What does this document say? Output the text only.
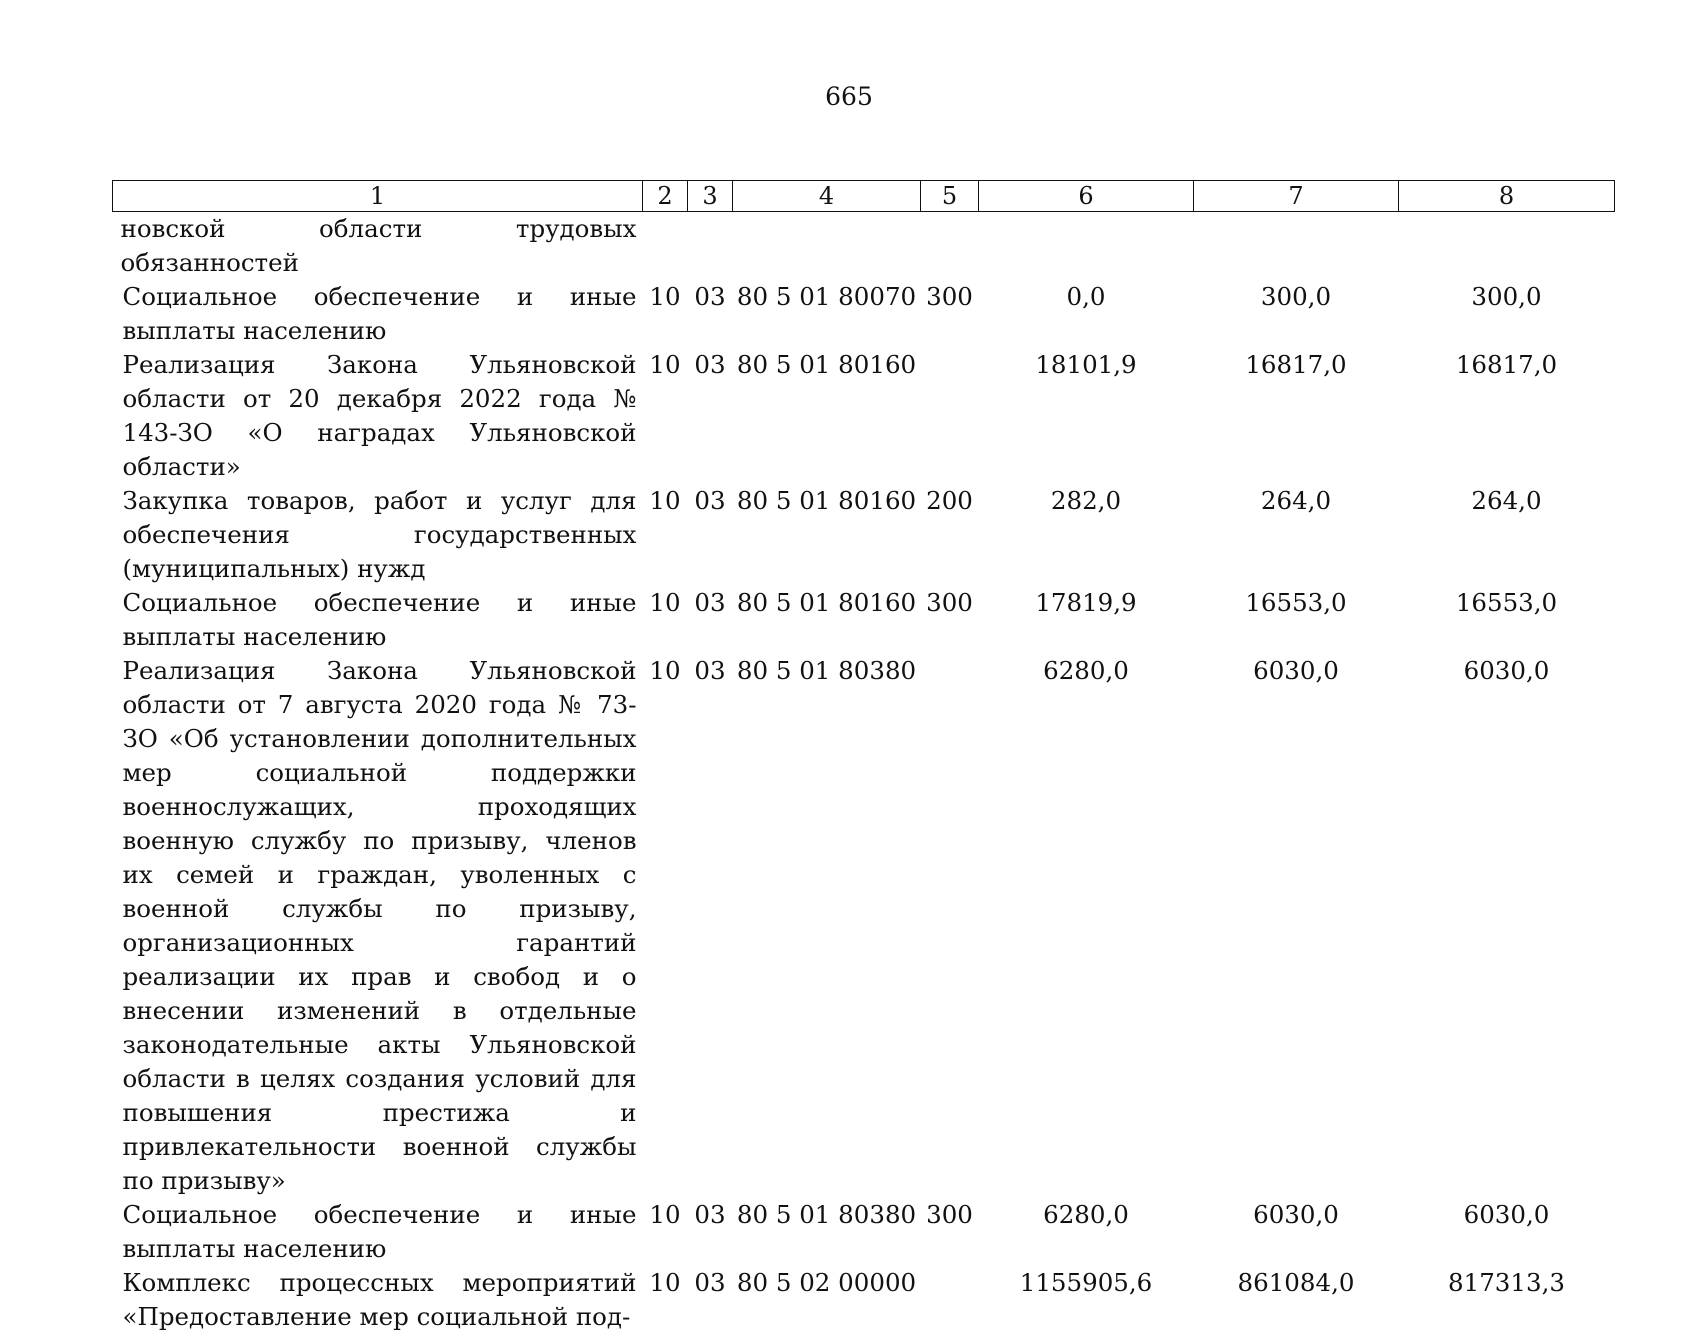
665
1	2	3	4	5	6	7	8
новской области трудовых обязанностей							
Социальное обеспечение и иные выплаты населению	10	03	80 5 01 80070	300	0,0	300,0	300,0
Реализация Закона Ульяновской области от 20 декабря 2022 года № 143-ЗО «О наградах Ульяновской области»	10	03	80 5 01 80160		18101,9	16817,0	16817,0
Закупка товаров, работ и услуг для обеспечения государственных (муниципальных) нужд	10	03	80 5 01 80160	200	282,0	264,0	264,0
Социальное обеспечение и иные выплаты населению	10	03	80 5 01 80160	300	17819,9	16553,0	16553,0
Реализация Закона Ульяновской области от 7 августа 2020 года № 73-ЗО «Об установлении дополнительных мер социальной поддержки военнослужащих, проходящих военную службу по призыву, членов их семей и граждан, уволенных с военной службы по призыву, организационных гарантий реализации их прав и свобод и о внесении изменений в отдельные законодательные акты Ульяновской области в целях создания условий для повышения престижа и привлекательности военной службы по призыву»	10	03	80 5 01 80380		6280,0	6030,0	6030,0
Социальное обеспечение и иные выплаты населению	10	03	80 5 01 80380	300	6280,0	6030,0	6030,0
Комплекс процессных мероприятий «Предоставление мер социальной под-	10	03	80 5 02 00000		1155905,6	861084,0	817313,3
